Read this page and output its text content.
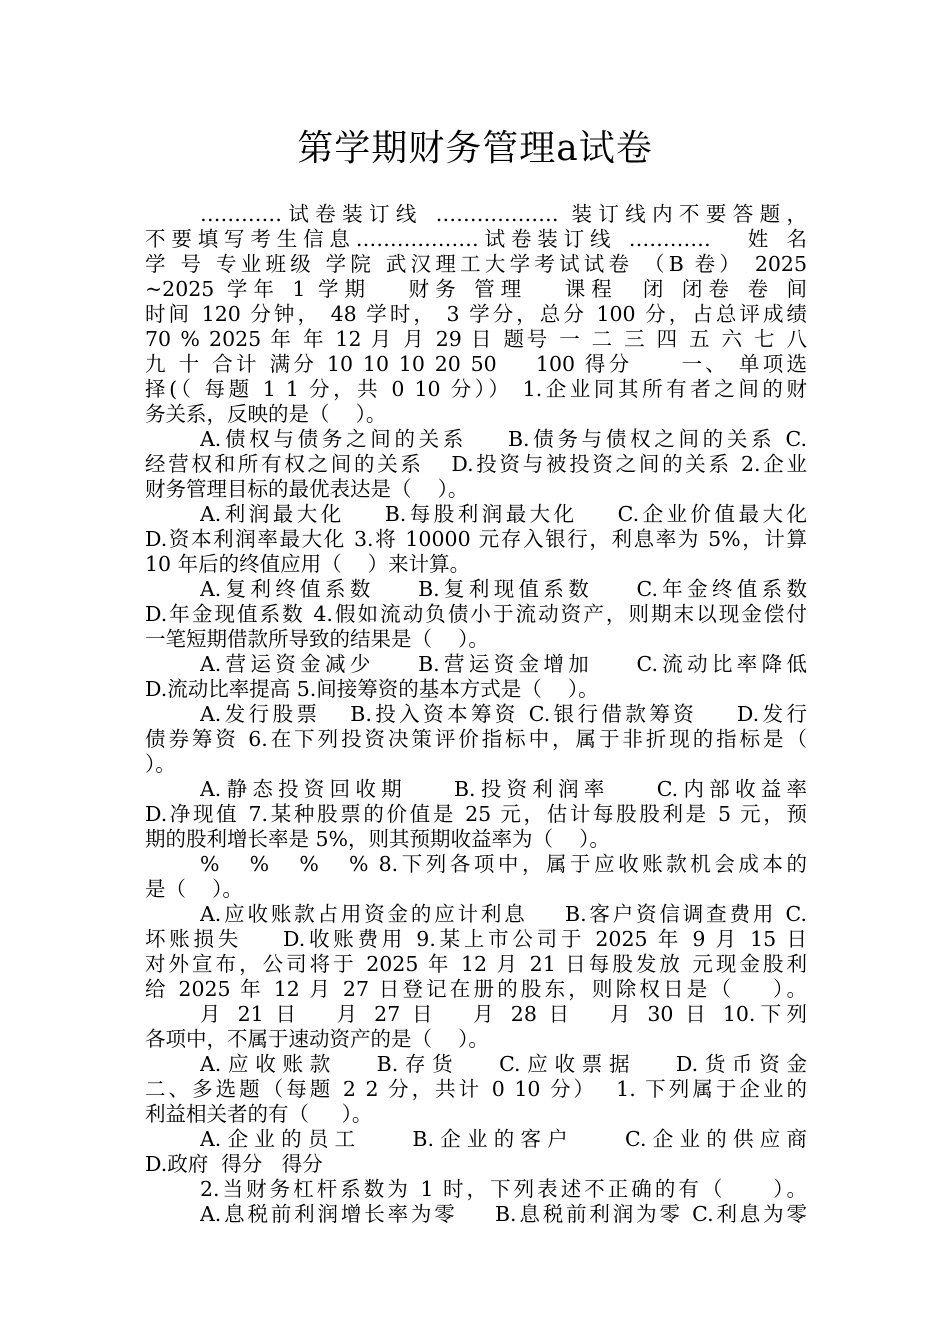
第学期财务管理a试卷
…………试卷装订线 ……………… 装订线内不要答题，
不要填写考生信息………………试卷装订线 …………   姓 名
学 号 专业班级 学院 武汉理工大学考试试卷 （B 卷） 2025
~2025 学年 1 学期   财务 管理   课程  闭 闭卷 卷 间
时间 120 分钟， 48 学时， 3 学分，总分 100 分，占总评成绩
70 % 2025 年 年 12 月 月 29 日 题号 一 二 三 四 五 六 七 八
九 十 合计 满分 10 10 10 20 50    100 得分     一、 单项选
择(（ 每题 1 1 分，共 0 10 分）） 1.企业同其所有者之间的财
务关系，反映的是（    ）。
A.债权与债务之间的关系    B.债务与债权之间的关系 C.
经营权和所有权之间的关系   D.投资与被投资之间的关系 2.企业
财务管理目标的最优表达是（    ）。
A.利润最大化    B.每股利润最大化    C.企业价值最大化
D.资本利润率最大化 3.将 10000 元存入银行，利息率为 5%，计算
10 年后的终值应用（    ）来计算。
A.复利终值系数    B.复利现值系数    C.年金终值系数
D.年金现值系数 4.假如流动负债小于流动资产，则期末以现金偿付
一笔短期借款所导致的结果是（    ）。
A.营运资金减少    B.营运资金增加    C.流动比率降低
D.流动比率提高 5.间接筹资的基本方式是（    ）。
A.发行股票   B.投入资本筹资 C.银行借款筹资    D.发行
债券筹资 6.在下列投资决策评价指标中，属于非折现的指标是（
）。
A.静态投资回收期    B.投资利润率    C.内部收益率
D.净现值 7.某种股票的价值是 25 元，估计每股股利是 5 元，预
期的股利增长率是 5%，则其预期收益率为（    ）。
%   %   %   % 8.下列各项中，属于应收账款机会成本的
是（    ）。
A.应收账款占用资金的应计利息    B.客户资信调查费用 C.
坏账损失    D.收账费用 9.某上市公司于 2025 年 9 月 15 日
对外宣布，公司将于 2025 年 12 月 21 日每股发放 元现金股利
给 2025 年 12 月 27 日登记在册的股东，则除权日是（    ）。
月 21 日   月 27 日   月 28 日   月 30 日 10.下列
各项中，不属于速动资产的是（    ）。
A.应收账款   B.存货   C.应收票据   D.货币资金
二、多选题（每题 2 2 分，共计 0 10 分）  1. 下列属于企业的
利益相关者的有（     ）。
A.企业的员工    B.企业的客户    C.企业的供应商
D.政府  得分   得分
2.当财务杠杆系数为 1 时，下列表述不正确的有（     ）。
A.息税前利润增长率为零    B.息税前利润为零 C.利息为零
